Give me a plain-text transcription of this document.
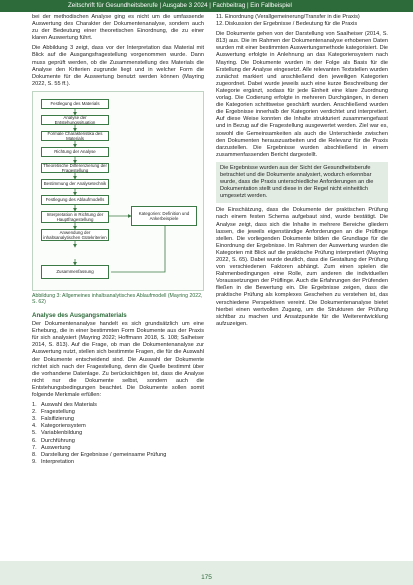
Zeitschrift für Gesundheitsberufe | Ausgabe 3 2024 | Fachbeitrag | Ein Fallbeispiel

bei der methodischen Analyse ging es nicht um die umfassende Auswertung des Charakter der Dokumentenanalyse, sondern auch zu der Bedeutung einer theoretischen Einordnung, die zu einer klaren Auswertung führt.

Die Abbildung 3 zeigt, dass vor der Interpretation das Material mit Blick auf die Ausgangsfragestellung vorgenommen wurde. Dann muss geprüft werden, ob die Zusammenstellung des Materials die Analyse den Kriterien zugrunde liegt und in welcher Form die Dokumente für die Auswertung benutzt werden können (Mayring 2022, S. 55 ff.).

Festlegung des Materials
Analyse der Entstehungssituation
Formale Charakteristika des Materials
Richtung der Analyse
Theoretische Differenzierung der Fragestellung
Bestimmung der Analysetechnik
Festlegung des Ablaufmodells
Interpretation in Richtung der Hauptfragestellung
Anwendung der inhaltsanalytischen Gütekriterien
Kategorien: Definition und Ankerbeispiele
Zusammenfassung
Abbildung 3: Allgemeines inhaltsanalytisches Ablaufmodell (Mayring 2022, S. 62)
Analyse des Ausgangsmaterials

Der Dokumentenanalyse handelt es sich grundsätzlich um eine Erhebung, die in einer bestimmten Form Dokumente aus der Praxis für sich analysiert (Mayring 2022; Hoffmann 2018, S. 108; Salheiser 2014, S. 813). Auf die Frage, ob man die Dokumentenanalyse zur Auswertung nutzt, stellen sich bestimmte Fragen, die für die Auswahl der Dokumente entscheidend sind. Die Auswahl der Dokumente richtet sich nach der Fragestellung, denn die Quelle bestimmt über die vorhandene Datenlage. Zu berücksichtigen ist, dass die Analyse nicht nur die Dokumente selbst, sondern auch die Entstehungsbedingungen beachtet. Die Dokumente sollen somit folgende Merkmale erfüllen:

1. Auswahl des Materials
2. Fragestellung
3. Falsifizierung
4. Kategoriensystem
5. Variablenbildung
6. Durchführung
7. Auswertung
8. Darstellung der Ergebnisse / gemeinsame Prüfung
9. Interpretation
11. Einordnung (Verallgemeinerung/Transfer in die Praxis)
12. Diskussion der Ergebnisse / Bedeutung für die Praxis

Die Dokumente gehen von der Darstellung von Saalheiser (2014, S. 813) aus. Die im Rahmen der Dokumentenanalyse erhobenen Daten wurden mit einer bestimmten Auswertungsmethode kategorisiert. Die Auswertung erfolgte in Anlehnung an das Kategoriensystem nach Mayring. Die Dokumente wurden in der Folge als Basis für die Erstellung der Analyse eingesetzt. Alle relevanten Textstellen wurden zunächst markiert und anschließend den jeweiligen Kategorien zugeordnet. Dabei wurde jeweils auch eine kurze Beschreibung der Kategorie ergänzt, sodass für jede Einheit eine klare Zuordnung vorlag. Die Codierung erfolgte in mehreren Durchgängen, in denen die Kategorien schrittweise geschärft wurden. Anschließend wurden die Ergebnisse innerhalb der Kategorien verdichtet und interpretiert. Auf diese Weise konnten die Inhalte strukturiert zusammengefasst und in Bezug auf die Fragestellung ausgewertet werden. Ziel war es, sowohl die Gemeinsamkeiten als auch die Unterschiede zwischen den Dokumenten herauszuarbeiten und die Relevanz für die Praxis darzustellen. Die Ergebnisse wurden abschließend in einem zusammenfassenden Bericht dargestellt.

Die Ergebnisse wurden aus der Sicht der Gesundheitsberufe betrachtet und die Dokumente analysiert, wodurch erkennbar wurde, dass die Praxis unterschiedliche Anforderungen an die Dokumentation stellt und diese in der Regel nicht einheitlich umgesetzt werden.

Die Einschätzung, dass die Dokumente der praktischen Prüfung nach einem festen Schema aufgebaut sind, wurde bestätigt. Die Analyse zeigt, dass sich die Inhalte in mehrere Bereiche gliedern lassen, die jeweils eigenständige Anforderungen an die Prüflinge stellen. Die vorliegenden Dokumente bilden die Grundlage für die Einordnung der Ergebnisse. Im Rahmen der Auswertung wurden die Kategorien mit Blick auf die praktische Prüfung interpretiert (Mayring 2022, S. 65). Dabei wurde deutlich, dass die Gestaltung der Prüfung von verschiedenen Faktoren abhängt. Zum einen spielen die Rahmenbedingungen eine Rolle, zum anderen die individuellen Voraussetzungen der Prüflinge. Auch die Erfahrungen der Prüfenden fließen in die Bewertung ein. Die Ergebnisse zeigen, dass die praktische Prüfung als komplexes Geschehen zu verstehen ist, das verschiedene Perspektiven vereint. Die Dokumentenanalyse bietet hierbei einen wertvollen Zugang, um die Strukturen der Prüfung sichtbar zu machen und Ansatzpunkte für die Weiterentwicklung aufzuzeigen.

175
